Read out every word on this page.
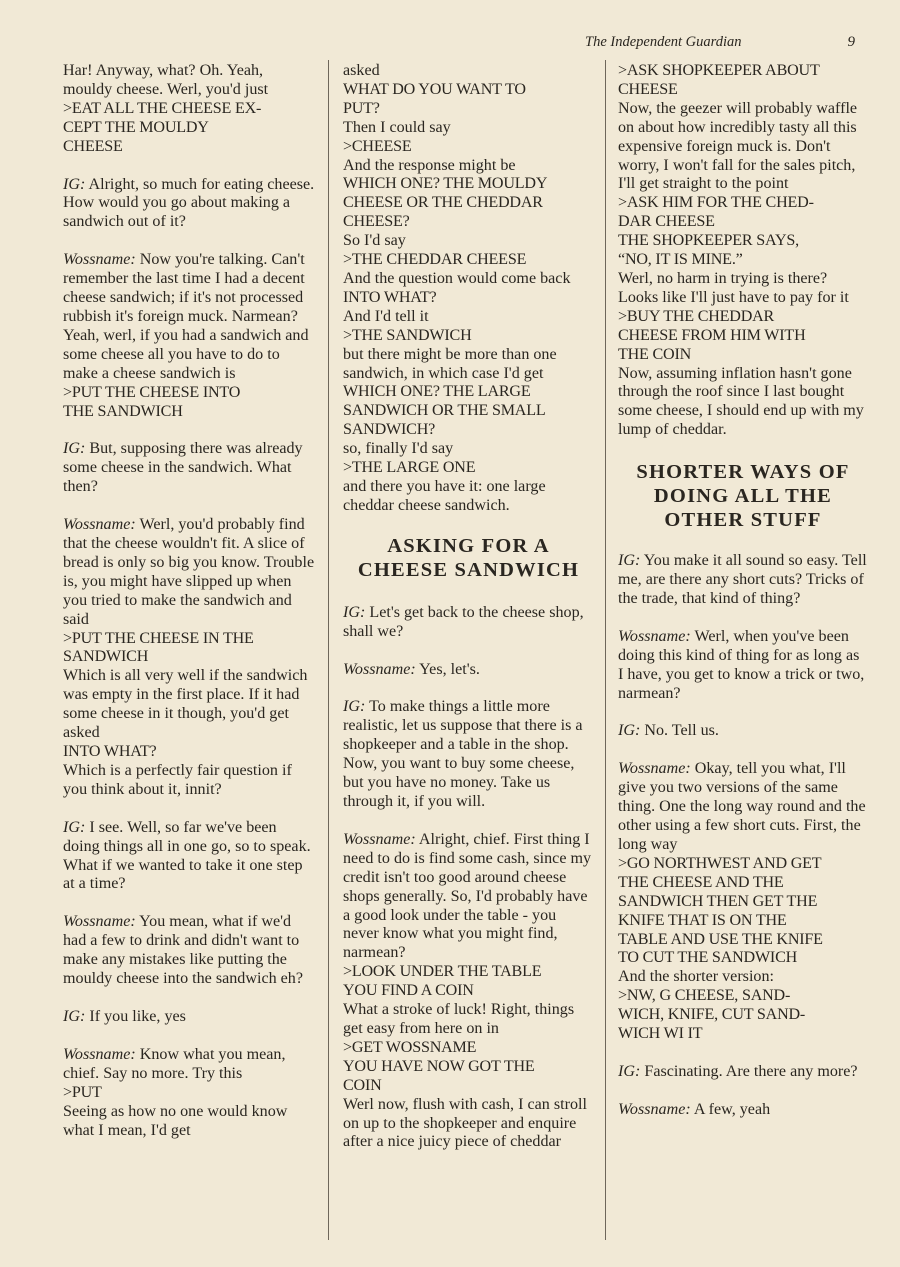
The Independent Guardian	9

Har! Anyway, what? Oh. Yeah, mouldy cheese. Werl, you'd just

>EAT ALL THE CHEESE EX-
CEPT THE MOULDY
CHEESE

IG: Alright, so much for eating cheese. How would you go about making a sandwich out of it?

Wossname: Now you're talking. Can't remember the last time I had a decent cheese sandwich; if it's not processed rubbish it's foreign muck. Narmean? Yeah, werl, if you had a sandwich and some cheese all you have to do to make a cheese sandwich is

>PUT THE CHEESE INTO
THE SANDWICH

IG: But, supposing there was already some cheese in the sandwich. What then?

Wossname: Werl, you'd probably find that the cheese wouldn't fit. A slice of bread is only so big you know. Trouble is, you might have slipped up when you tried to make the sandwich and said

>PUT THE CHEESE IN THE
SANDWICH

Which is all very well if the sandwich was empty in the first place. If it had some cheese in it though, you'd get asked

INTO WHAT?

Which is a perfectly fair question if you think about it, innit?

IG: I see. Well, so far we've been doing things all in one go, so to speak. What if we wanted to take it one step at a time?

Wossname: You mean, what if we'd had a few to drink and didn't want to make any mistakes like putting the mouldy cheese into the sandwich eh?

IG: If you like, yes

Wossname: Know what you mean, chief. Say no more. Try this

>PUT

Seeing as how no one would know what I mean, I'd get

asked

WHAT DO YOU WANT TO
PUT?

Then I could say

>CHEESE

And the response might be

WHICH ONE? THE MOULDY
CHEESE OR THE CHEDDAR
CHEESE?

So I'd say

>THE CHEDDAR CHEESE

And the question would come back

INTO WHAT?

And I'd tell it

>THE SANDWICH

but there might be more than one sandwich, in which case I'd get

WHICH ONE? THE LARGE
SANDWICH OR THE SMALL
SANDWICH?

so, finally I'd say

>THE LARGE ONE

and there you have it: one large cheddar cheese sandwich.

ASKING FOR A
CHEESE SANDWICH

IG: Let's get back to the cheese shop, shall we?

Wossname: Yes, let's.

IG: To make things a little more realistic, let us suppose that there is a shopkeeper and a table in the shop. Now, you want to buy some cheese, but you have no money. Take us through it, if you will.

Wossname: Alright, chief. First thing I need to do is find some cash, since my credit isn't too good around cheese shops generally. So, I'd probably have a good look under the table - you never know what you might find, narmean?

>LOOK UNDER THE TABLE
YOU FIND A COIN

What a stroke of luck! Right, things get easy from here on in

>GET WOSSNAME
YOU HAVE NOW GOT THE
COIN

Werl now, flush with cash, I can stroll on up to the shopkeeper and enquire after a nice juicy piece of cheddar

>ASK SHOPKEEPER ABOUT
CHEESE

Now, the geezer will probably waffle on about how incredibly tasty all this expensive foreign muck is. Don't worry, I won't fall for the sales pitch, I'll get straight to the point

>ASK HIM FOR THE CHED-
DAR CHEESE
THE SHOPKEEPER SAYS,
“NO, IT IS MINE.”

Werl, no harm in trying is there? Looks like I'll just have to pay for it

>BUY THE CHEDDAR
CHEESE FROM HIM WITH
THE COIN

Now, assuming inflation hasn't gone through the roof since I last bought some cheese, I should end up with my lump of cheddar.

SHORTER WAYS OF
DOING ALL THE
OTHER STUFF

IG: You make it all sound so easy. Tell me, are there any short cuts? Tricks of the trade, that kind of thing?

Wossname: Werl, when you've been doing this kind of thing for as long as I have, you get to know a trick or two, narmean?

IG: No. Tell us.

Wossname: Okay, tell you what, I'll give you two versions of the same thing. One the long way round and the other using a few short cuts. First, the long way

>GO NORTHWEST AND GET
THE CHEESE AND THE
SANDWICH THEN GET THE
KNIFE THAT IS ON THE
TABLE AND USE THE KNIFE
TO CUT THE SANDWICH

And the shorter version:

>NW, G CHEESE, SAND-
WICH, KNIFE, CUT SAND-
WICH WI IT

IG: Fascinating. Are there any more?

Wossname: A few, yeah
